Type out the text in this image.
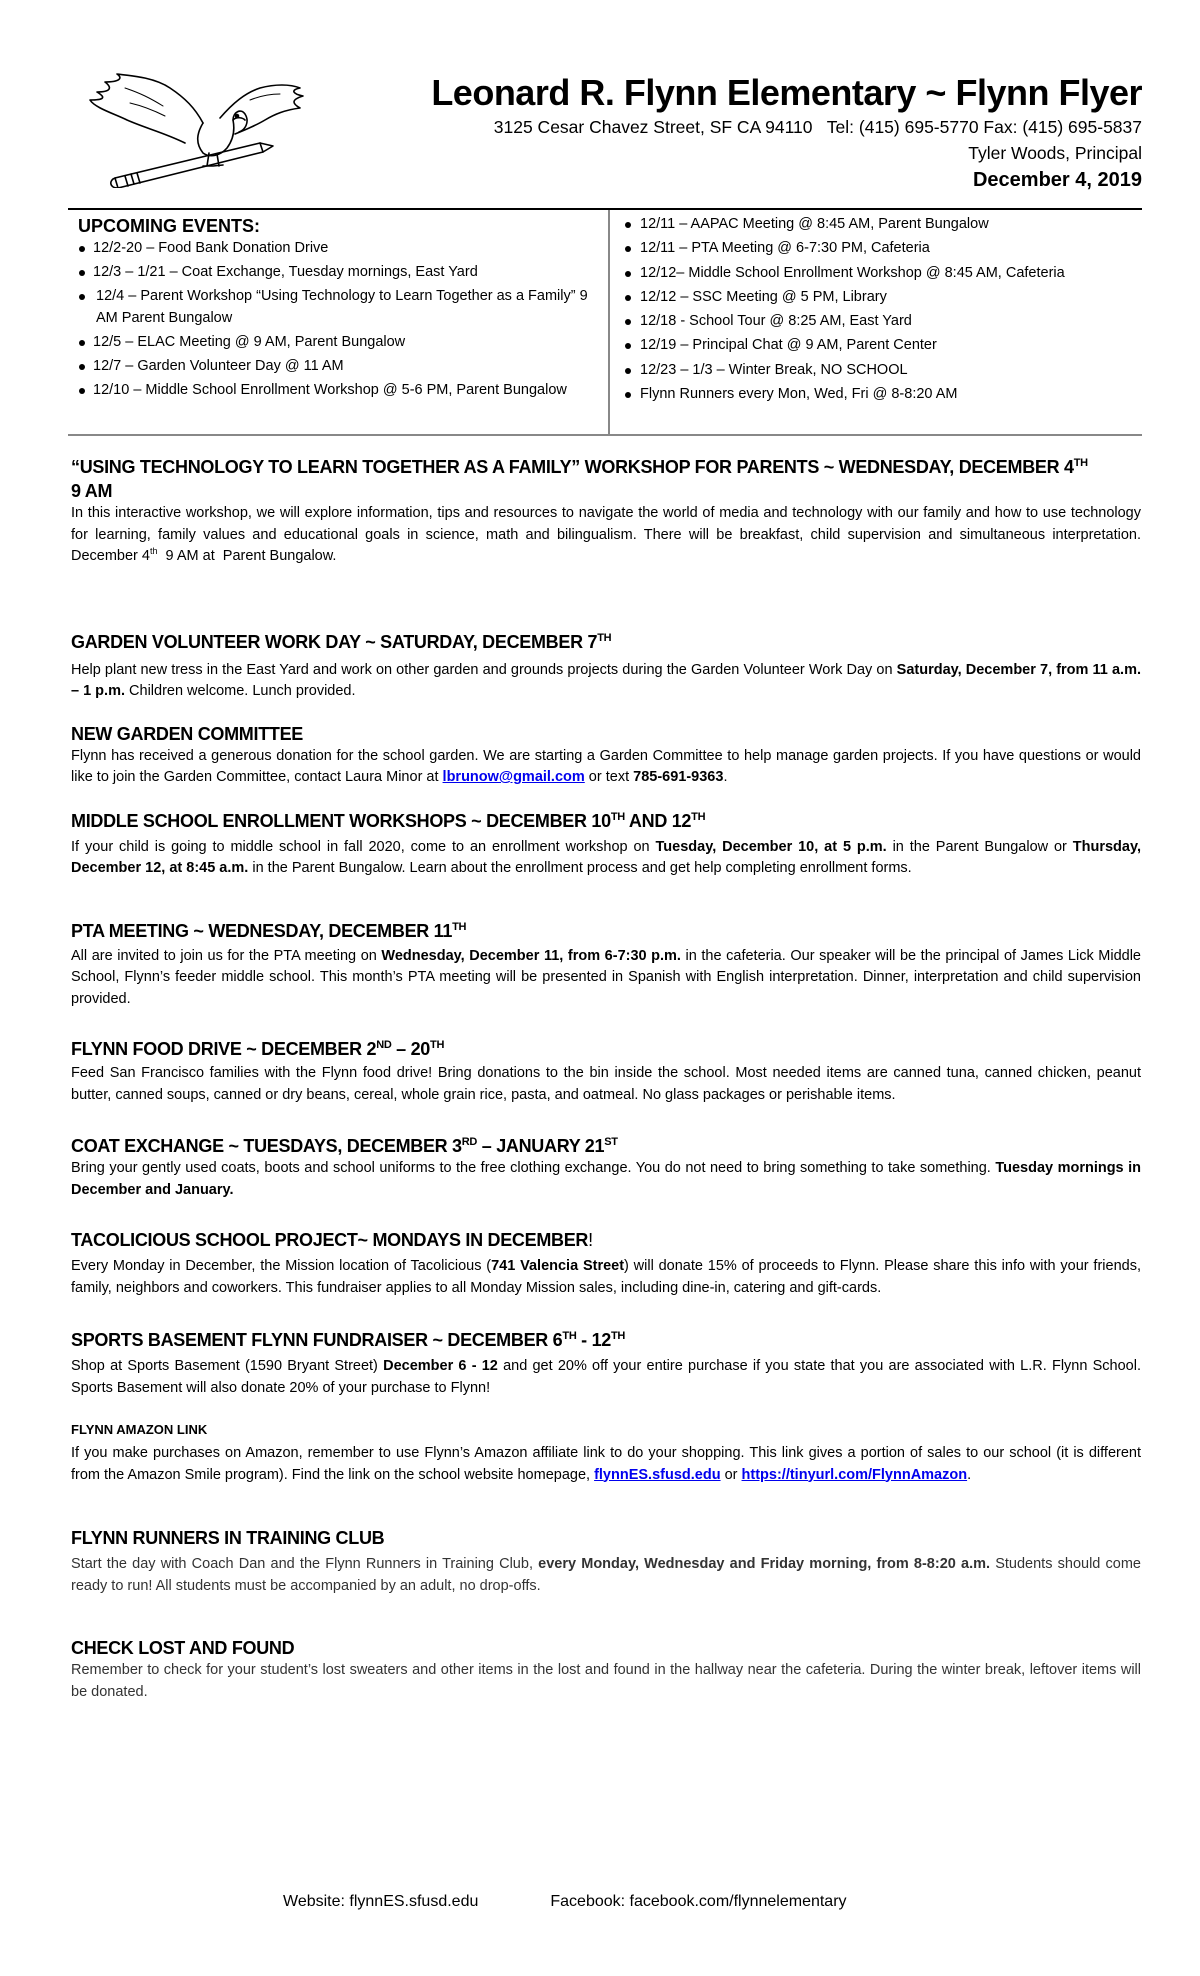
Leonard R. Flynn Elementary ~ Flynn Flyer
3125 Cesar Chavez Street, SF CA 94110 Tel: (415) 695-5770 Fax: (415) 695-5837
Tyler Woods, Principal
December 4, 2019
UPCOMING EVENTS:
12/2-20 – Food Bank Donation Drive
12/3 – 1/21 – Coat Exchange, Tuesday mornings, East Yard
12/4 – Parent Workshop “Using Technology to Learn Together as a Family” 9 AM Parent Bungalow
12/5 – ELAC Meeting @ 9 AM, Parent Bungalow
12/7 – Garden Volunteer Day @ 11 AM
12/10 – Middle School Enrollment Workshop @ 5-6 PM, Parent Bungalow
12/11 – AAPAC Meeting @ 8:45 AM, Parent Bungalow
12/11 – PTA Meeting @ 6-7:30 PM, Cafeteria
12/12– Middle School Enrollment Workshop @ 8:45 AM, Cafeteria
12/12 – SSC Meeting @ 5 PM, Library
12/18 - School Tour @ 8:25 AM, East Yard
12/19 – Principal Chat @ 9 AM, Parent Center
12/23 – 1/3 – Winter Break, NO SCHOOL
Flynn Runners every Mon, Wed, Fri @ 8-8:20 AM
“USING TECHNOLOGY TO LEARN TOGETHER AS A FAMILY” WORKSHOP FOR PARENTS ~ WEDNESDAY, DECEMBER 4TH
9 AM

In this interactive workshop, we will explore information, tips and resources to navigate the world of media and technology with our family and how to use technology for learning, family values and educational goals in science, math and bilingualism. There will be breakfast, child supervision and simultaneous interpretation. December 4th  9 AM at  Parent Bungalow.

GARDEN VOLUNTEER WORK DAY ~ SATURDAY, DECEMBER 7TH

Help plant new tress in the East Yard and work on other garden and grounds projects during the Garden Volunteer Work Day on Saturday, December 7, from 11 a.m. – 1 p.m. Children welcome. Lunch provided.

NEW GARDEN COMMITTEE

Flynn has received a generous donation for the school garden. We are starting a Garden Committee to help manage garden projects. If you have questions or would like to join the Garden Committee, contact Laura Minor at lbrunow@gmail.com or text 785-691-9363.

MIDDLE SCHOOL ENROLLMENT WORKSHOPS ~ DECEMBER 10TH AND 12TH

If your child is going to middle school in fall 2020, come to an enrollment workshop on Tuesday, December 10, at 5 p.m. in the Parent Bungalow or Thursday, December 12, at 8:45 a.m. in the Parent Bungalow. Learn about the enrollment process and get help completing enrollment forms.

PTA MEETING ~ WEDNESDAY, DECEMBER 11TH

All are invited to join us for the PTA meeting on Wednesday, December 11, from 6-7:30 p.m. in the cafeteria. Our speaker will be the principal of James Lick Middle School, Flynn’s feeder middle school. This month’s PTA meeting will be presented in Spanish with English interpretation. Dinner, interpretation and child supervision provided.

FLYNN FOOD DRIVE ~ DECEMBER 2ND – 20TH

Feed San Francisco families with the Flynn food drive! Bring donations to the bin inside the school. Most needed items are canned tuna, canned chicken, peanut butter, canned soups, canned or dry beans, cereal, whole grain rice, pasta, and oatmeal. No glass packages or perishable items.

COAT EXCHANGE ~ TUESDAYS, DECEMBER 3RD – JANUARY 21ST

Bring your gently used coats, boots and school uniforms to the free clothing exchange. You do not need to bring something to take something. Tuesday mornings in December and January.

TACOLICIOUS SCHOOL PROJECT~ MONDAYS IN DECEMBER!

Every Monday in December, the Mission location of Tacolicious (741 Valencia Street) will donate 15% of proceeds to Flynn. Please share this info with your friends, family, neighbors and coworkers. This fundraiser applies to all Monday Mission sales, including dine-in, catering and gift-cards.

SPORTS BASEMENT FLYNN FUNDRAISER ~ DECEMBER 6TH - 12TH

Shop at Sports Basement (1590 Bryant Street) December 6 - 12 and get 20% off your entire purchase if you state that you are associated with L.R. Flynn School. Sports Basement will also donate 20% of your purchase to Flynn!

FLYNN AMAZON LINK

If you make purchases on Amazon, remember to use Flynn’s Amazon affiliate link to do your shopping. This link gives a portion of sales to our school (it is different from the Amazon Smile program). Find the link on the school website homepage, flynnES.sfusd.edu or https://tinyurl.com/FlynnAmazon.

FLYNN RUNNERS IN TRAINING CLUB

Start the day with Coach Dan and the Flynn Runners in Training Club, every Monday, Wednesday and Friday morning, from 8-8:20 a.m. Students should come ready to run! All students must be accompanied by an adult, no drop-offs.

CHECK LOST AND FOUND

Remember to check for your student’s lost sweaters and other items in the lost and found in the hallway near the cafeteria. During the winter break, leftover items will be donated.

Website: flynnES.sfusd.edu	Facebook: facebook.com/flynnelementary
